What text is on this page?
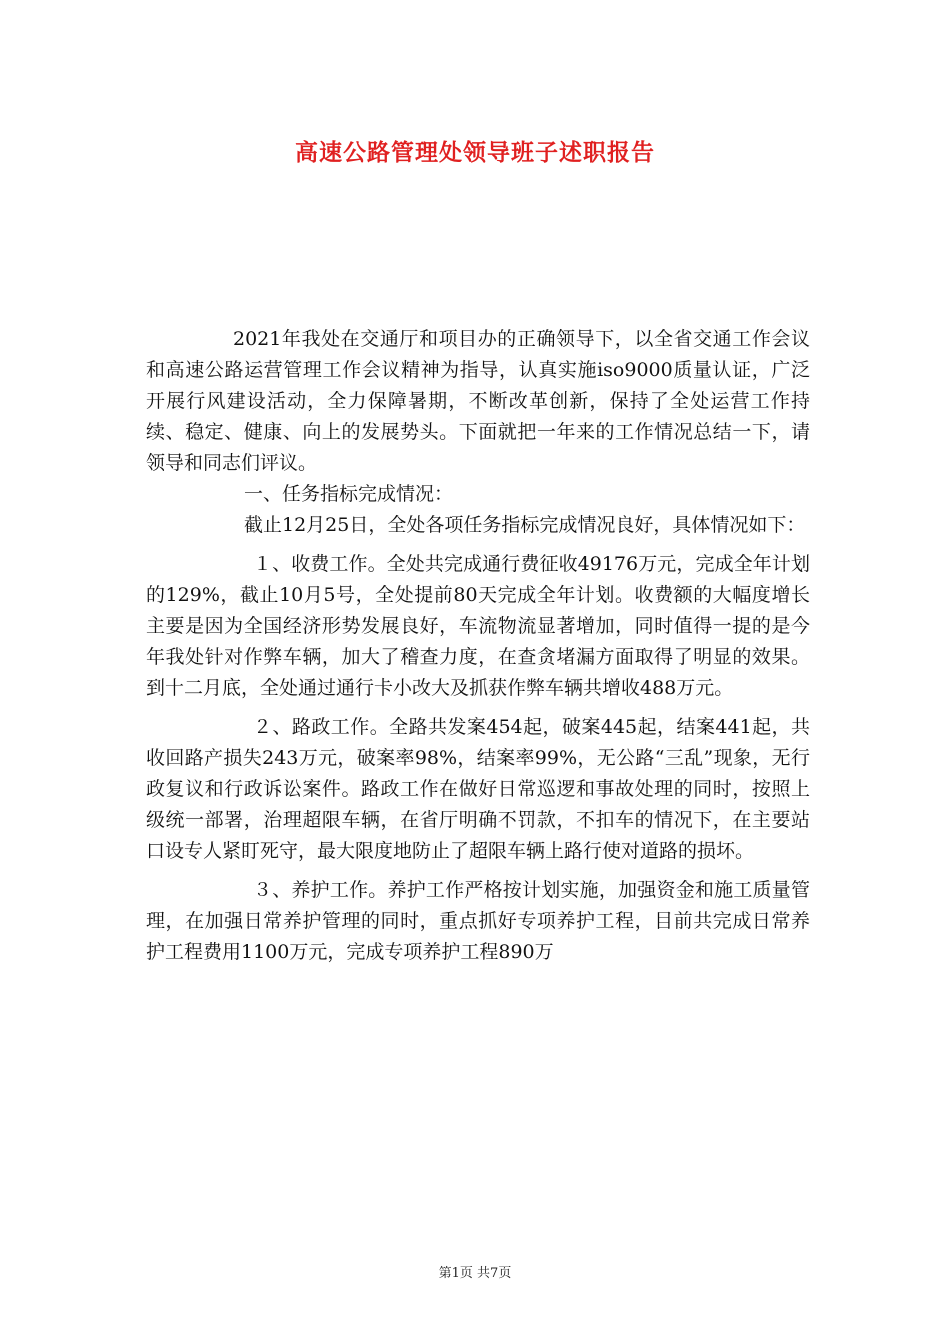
高速公路管理处领导班子述职报告

2021年我处在交通厅和项目办的正确领导下，以全省交通工作会议和高速公路运营管理工作会议精神为指导，认真实施iso9000质量认证，广泛开展行风建设活动，全力保障暑期，不断改革创新，保持了全处运营工作持续、稳定、健康、向上的发展势头。下面就把一年来的工作情况总结一下，请领导和同志们评议。

一、任务指标完成情况：

截止12月25日，全处各项任务指标完成情况良好，具体情况如下：

１、收费工作。全处共完成通行费征收49176万元，完成全年计划的129%，截止10月5号，全处提前80天完成全年计划。收费额的大幅度增长主要是因为全国经济形势发展良好，车流物流显著增加，同时值得一提的是今年我处针对作弊车辆，加大了稽查力度，在查贪堵漏方面取得了明显的效果。到十二月底，全处通过通行卡小改大及抓获作弊车辆共增收488万元。

２、路政工作。全路共发案454起，破案445起，结案441起，共收回路产损失243万元，破案率98%，结案率99%，无公路“三乱”现象，无行政复议和行政诉讼案件。路政工作在做好日常巡逻和事故处理的同时，按照上级统一部署，治理超限车辆，在省厅明确不罚款，不扣车的情况下，在主要站口设专人紧盯死守，最大限度地防止了超限车辆上路行使对道路的损坏。

３、养护工作。养护工作严格按计划实施，加强资金和施工质量管理，在加强日常养护管理的同时，重点抓好专项养护工程，目前共完成日常养护工程费用1100万元，完成专项养护工程890万

第1页 共7页
